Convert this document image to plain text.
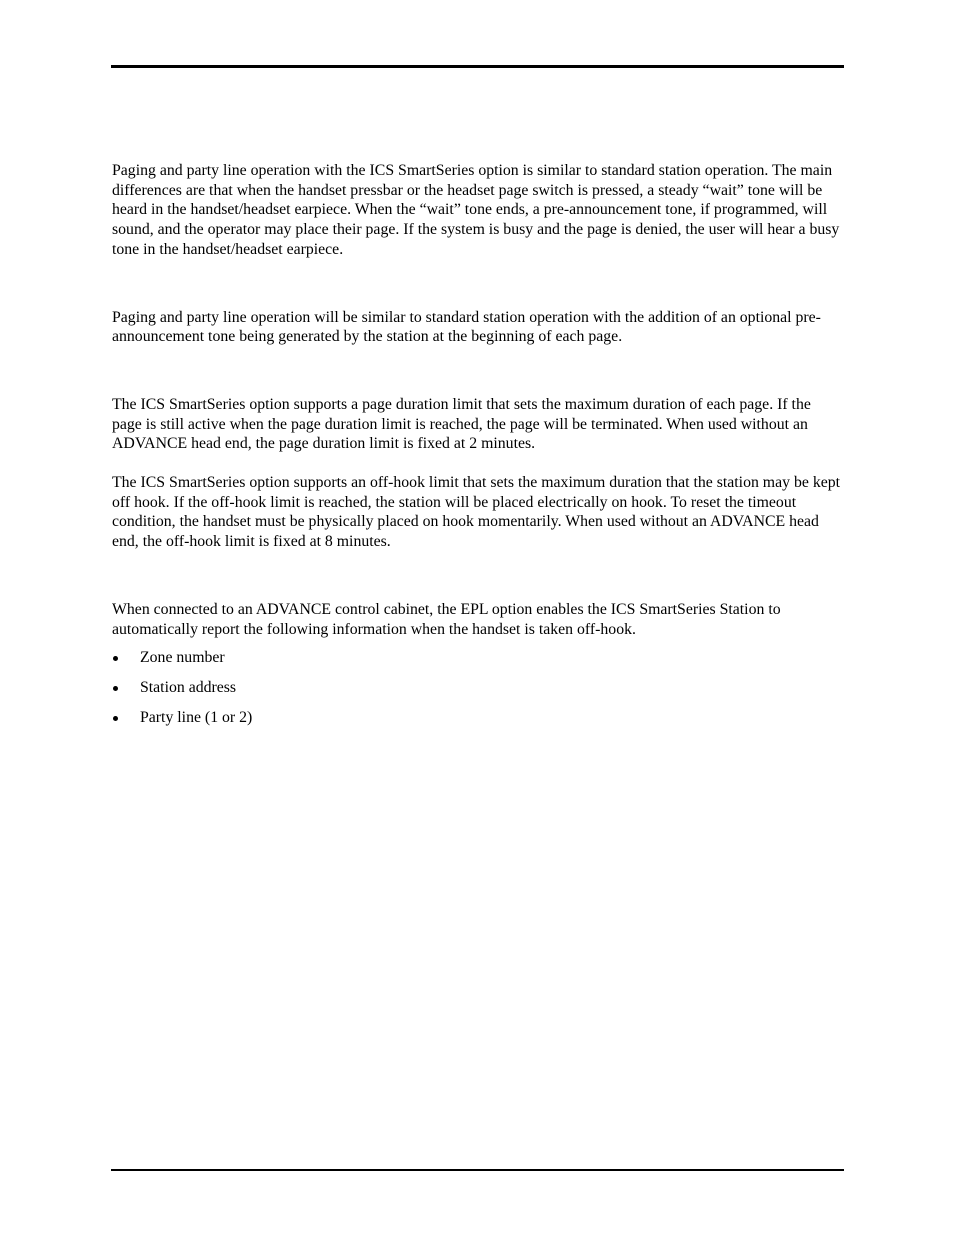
Paging and party line operation with the ICS SmartSeries option is similar to standard station operation. The main differences are that when the handset pressbar or the headset page switch is pressed, a steady “wait” tone will be heard in the handset/headset earpiece. When the “wait” tone ends, a pre-announcement tone, if programmed, will sound, and the operator may place their page. If the system is busy and the page is denied, the user will hear a busy tone in the handset/headset earpiece.

Paging and party line operation will be similar to standard station operation with the addition of an optional pre-announcement tone being generated by the station at the beginning of each page.

The ICS SmartSeries option supports a page duration limit that sets the maximum duration of each page. If the page is still active when the page duration limit is reached, the page will be terminated. When used without an ADVANCE head end, the page duration limit is fixed at 2 minutes.

The ICS SmartSeries option supports an off-hook limit that sets the maximum duration that the station may be kept off hook. If the off-hook limit is reached, the station will be placed electrically on hook. To reset the timeout condition, the handset must be physically placed on hook momentarily. When used without an ADVANCE head end, the off-hook limit is fixed at 8 minutes.

When connected to an ADVANCE control cabinet, the EPL option enables the ICS SmartSeries Station to automatically report the following information when the handset is taken off-hook.

Zone number
Station address
Party line (1 or 2)
